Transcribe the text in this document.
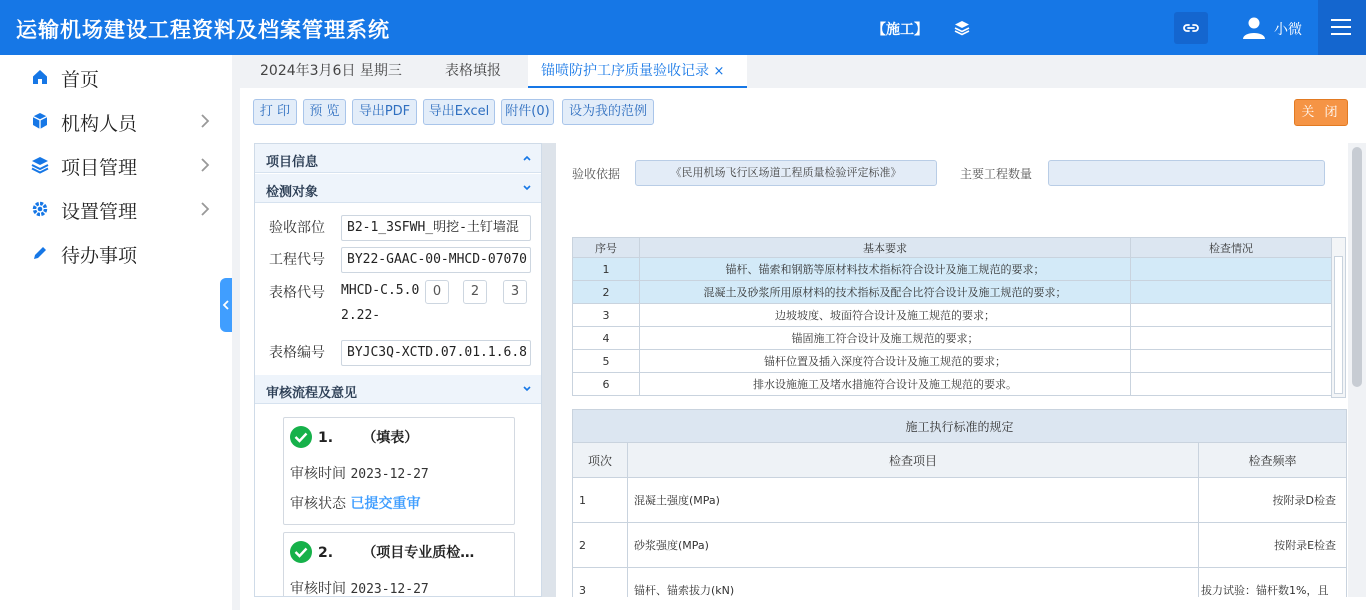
运输机场建设工程资料及档案管理系统	【施工】	小微
首页
机构人员
项目管理
设置管理
待办事项
2024年3月6日 星期三	表格填报	锚喷防护工序质量验收记录 ×
打 印	预 览	导出PDF	导出Excel	附件(0)	设为我的范例	关 闭
项目信息
检测对象
验收部位	B2-1_3SFWH_明挖-土钉墙混
工程代号	BY22-GAAC-00-MHCD-07070
表格代号 MHCD-C.5.02.22-
0	2	3
表格编号	BYJC3Q-XCTD.07.01.1.6.8
审核流程及意见
1. （填表）
审核时间 2023-12-27
审核状态 已提交重审
2. （项目专业质检…
审核时间 2023-12-27
验收依据	《民用机场飞行区场道工程质量检验评定标准》	主要工程数量
序号	基本要求	检查情况
1	锚杆、锚索和钢筋等原材料技术指标符合设计及施工规范的要求；	
2	混凝土及砂浆所用原材料的技术指标及配合比符合设计及施工规范的要求；	
3	边坡坡度、坡面符合设计及施工规范的要求；	
4	锚固施工符合设计及施工规范的要求；	
5	锚杆位置及插入深度符合设计及施工规范的要求；	
6	排水设施施工及堵水措施符合设计及施工规范的要求。	
施工执行标准的规定		
项次	检查项目	检查频率
1	混凝土强度(MPa)	按附录D检查
2	砂浆强度(MPa)	按附录E检查
3	锚杆、锚索拔力(kN)	拔力试验：锚杆数1%，且
